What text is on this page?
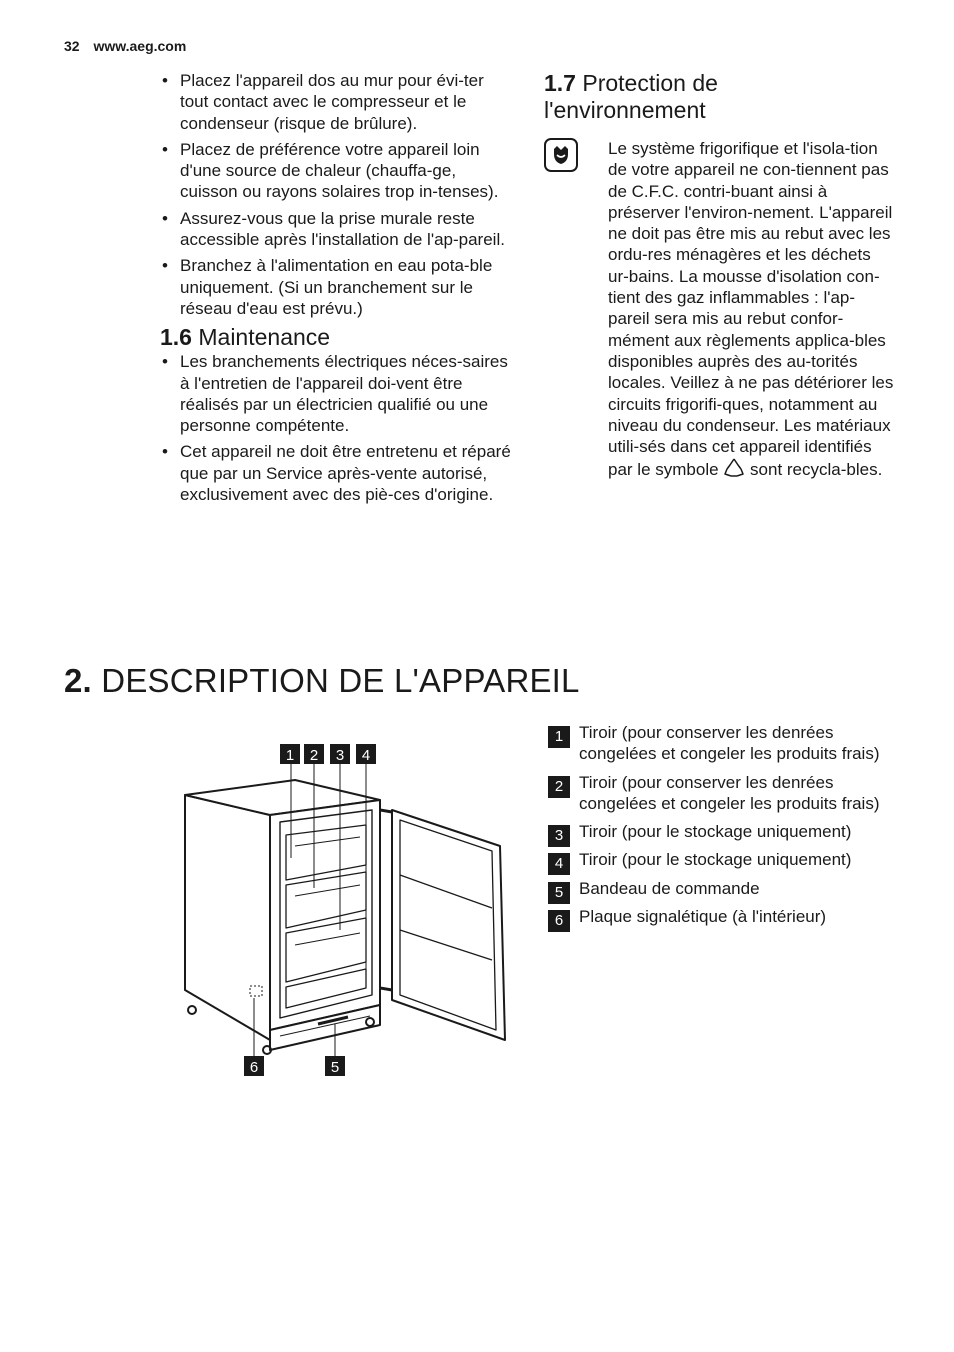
32 www.aeg.com
• Placez l'appareil dos au mur pour évi-ter tout contact avec le compresseur et le condenseur (risque de brûlure).
• Placez de préférence votre appareil loin d'une source de chaleur (chauffa-ge, cuisson ou rayons solaires trop in-tenses).
• Assurez-vous que la prise murale reste accessible après l'installation de l'ap-pareil.
• Branchez à l'alimentation en eau pota-ble uniquement. (Si un branchement sur le réseau d'eau est prévu.)
1.6 Maintenance
• Les branchements électriques néces-saires à l'entretien de l'appareil doi-vent être réalisés par un électricien qualifié ou une personne compétente.
• Cet appareil ne doit être entretenu et réparé que par un Service après-vente autorisé, exclusivement avec des piè-ces d'origine.
1.7 Protection de
l'environnement
Le système frigorifique et l'isola-tion de votre appareil ne con-tiennent pas de C.F.C. contri-buant ainsi à préserver l'environ-nement. L'appareil ne doit pas être mis au rebut avec les ordu-res ménagères et les déchets ur-bains. La mousse d'isolation con-tient des gaz inflammables : l'ap-pareil sera mis au rebut confor-mément aux règlements applica-bles disponibles auprès des au-torités locales. Veillez à ne pas détériorer les circuits frigorifi-ques, notamment au niveau du condenseur. Les matériaux utili-sés dans cet appareil identifiés par le symbole sont recycla-bles.
2. DESCRIPTION DE L'APPAREIL
1 2 3 4
5
6
1 Tiroir (pour conserver les denrées congelées et congeler les produits frais)
2 Tiroir (pour conserver les denrées congelées et congeler les produits frais)
3 Tiroir (pour le stockage uniquement)
4 Tiroir (pour le stockage uniquement)
5 Bandeau de commande
6 Plaque signalétique (à l'intérieur)
